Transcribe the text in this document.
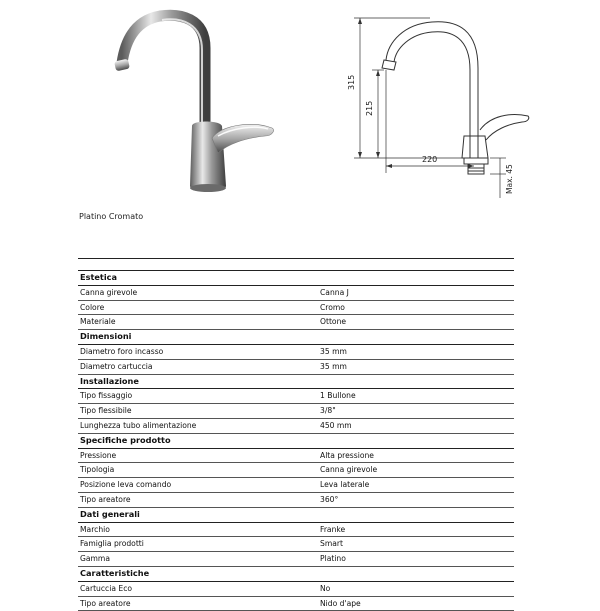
315
215
220
Max. 45
Platino Cromato
Estetica
Canna girevole	Canna J
Colore	Cromo
Materiale	Ottone
Dimensioni
Diametro foro incasso	35 mm
Diametro cartuccia	35 mm
Installazione
Tipo fissaggio	1 Bullone
Tipo flessibile	3/8"
Lunghezza tubo alimentazione	450 mm
Specifiche prodotto
Pressione	Alta pressione
Tipologia	Canna girevole
Posizione leva comando	Leva laterale
Tipo areatore	360°
Dati generali
Marchio	Franke
Famiglia prodotti	Smart
Gamma	Platino
Caratteristiche
Cartuccia Eco	No
Tipo areatore	Nido d'ape
